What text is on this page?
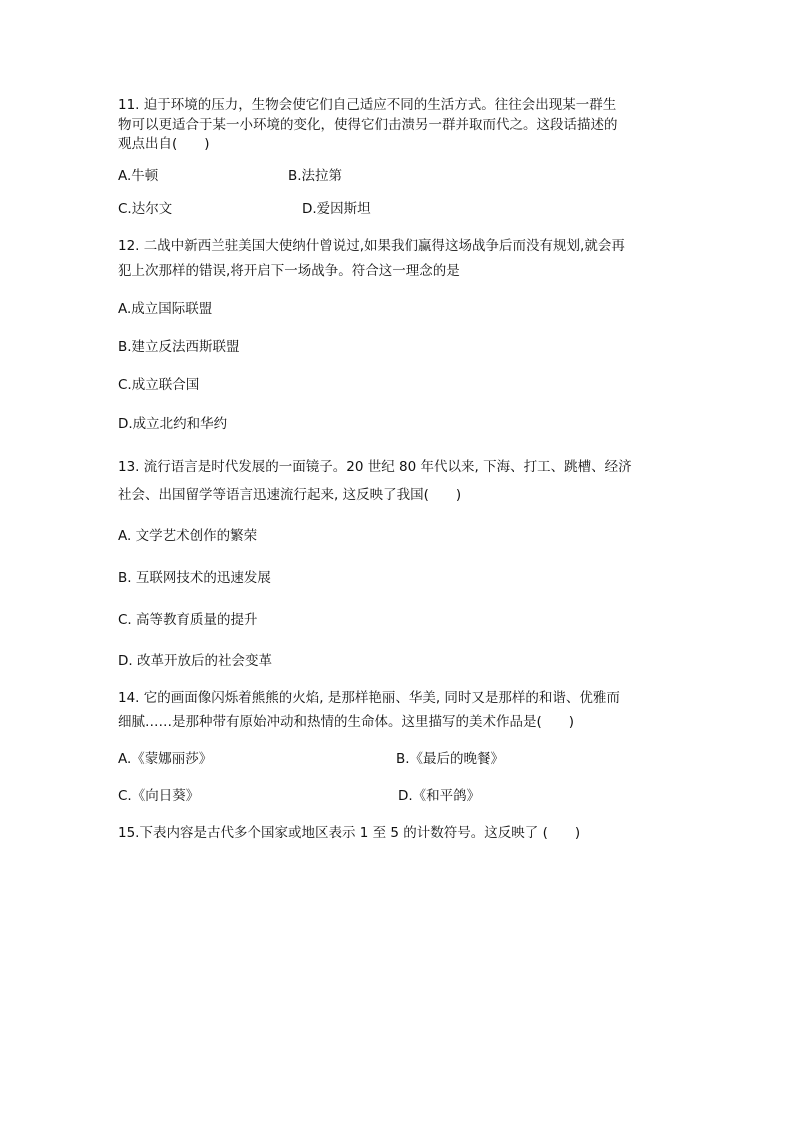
11. 迫于环境的压力，生物会使它们自己适应不同的生活方式。往往会出现某一群生
物可以更适合于某一小环境的变化，使得它们击溃另一群并取而代之。这段话描述的
观点出自(　　)
A.牛顿	B.法拉第
C.达尔文	D.爱因斯坦
12. 二战中新西兰驻美国大使纳什曾说过,如果我们赢得这场战争后而没有规划,就会再
犯上次那样的错误,将开启下一场战争。符合这一理念的是
A.成立国际联盟
B.建立反法西斯联盟
C.成立联合国
D.成立北约和华约
13. 流行语言是时代发展的一面镜子。20 世纪 80 年代以来, 下海、打工、跳槽、经济
社会、出国留学等语言迅速流行起来, 这反映了我国(　　)
A. 文学艺术创作的繁荣
B. 互联网技术的迅速发展
C. 高等教育质量的提升
D. 改革开放后的社会变革
14. 它的画面像闪烁着熊熊的火焰, 是那样艳丽、华美, 同时又是那样的和谐、优雅而
细腻……是那种带有原始冲动和热情的生命体。这里描写的美术作品是(　　)
A.《蒙娜丽莎》	B.《最后的晚餐》
C.《向日葵》	D.《和平鸽》
15.下表内容是古代多个国家或地区表示 1 至 5 的计数符号。这反映了 (　　)
